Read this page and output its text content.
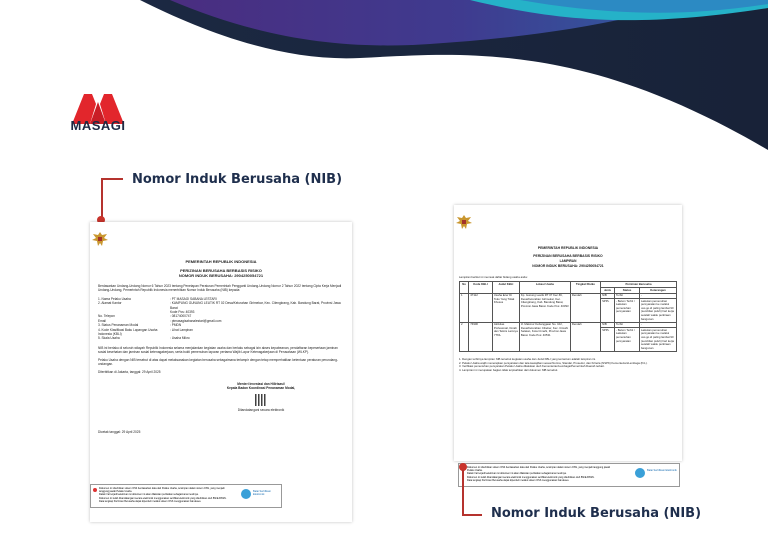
MASAGI
Nomor Induk Berusaha (NIB)
PEMERINTAH REPUBLIK INDONESIA
PERIZINAN BERUSAHA BERBASIS RISIKO
NOMOR INDUK BERUSAHA: 2904250054721
Berdasarkan Undang-Undang Nomor 6 Tahun 2023 tentang Penetapan Peraturan Pemerintah Pengganti Undang-Undang Nomor 2 Tahun 2022 tentang Cipta Kerja Menjadi Undang-Undang, Pemerintah Republik Indonesia menerbitkan Nomor Induk Berusaha (NIB) kepada:
1. Nama Pelaku Usaha	: PT MASAGI SABANA LESTARI
2. Alamat Kantor	: KAMPUNG GUNUNG LEUTIK RT 02 Desa/Kelurahan Girimekar, Kec. Cilengkrang, Kab. Bandung Barat, Provinsi Jawa Barat
Kode Pos: 40393
No. Telepon	: 08174000747
Email	: ptmasagisabanalestari@gmail.com
3. Status Penanaman Modal	: PMDN
4. Kode Klasifikasi Baku Lapangan Usaha Indonesia (KBLI)
: Lihat Lampiran
5. Skala Usaha	: Usaha Mikro
NIB ini berlaku di seluruh wilayah Republik Indonesia selama menjalankan kegiatan usaha dan berlaku sebagai izin akses kepabeanan, pendaftaran kepesertaan jaminan sosial kesehatan dan jaminan sosial ketenagakerjaan, serta bukti pemenuhan laporan pertama Wajib Lapor Ketenagakerjaan di Perusahaan (WLKP).
Pelaku Usaha dengan NIB tersebut di atas dapat melaksanakan kegiatan berusaha sebagaimana terlampir dengan tetap memperhatikan ketentuan peraturan perundang-undangan.
Diterbitkan di Jakarta, tanggal: 29 April 2025
Menteri Investasi dan Hilirisasi/
Kepala Badan Koordinasi Penanaman Modal,
Ditandatangani secara elektronik
Dicetak tanggal: 29 April 2025
Dokumen ini diterbitkan sistem OSS berdasarkan data dari Pelaku Usaha, tersimpan dalam sistem OSS, yang menjadi tanggung jawab Pelaku Usaha.
Dalam hal terjadi kekeliruan isi dokumen ini akan dilakukan perbaikan sebagaimana mestinya.
Dokumen ini telah ditandatangani secara elektronik menggunakan sertifikat elektronik yang diterbitkan oleh BSrE-BSSN.
Data lengkap Perizinan Berusaha dapat diperoleh melalui sistem OSS menggunakan hak akses.
Balai Sertifikasi Elektronik
PEMERINTAH REPUBLIK INDONESIA
PERIZINAN BERUSAHA BERBASIS RISIKO
LAMPIRAN
NOMOR INDUK BERUSAHA: 2904250054721
Lampiran berikut ini memuat daftar bidang usaha anda:
No	Kode KBLI	Judul KBLI	Lokasi Usaha	Tingkat Risiko	Perizinan Berusaha		
					Jenis	Status	Keterangan
1	47112	Usaha Ecer Di Toko Yang Tidak Khusus	Kp. Gunung Leutik RT 07 Kec.66, Desa/Kelurahan Girimekar, Kec. Cilengkrang, Kab. Bandung Barat, Provinsi Jawa Barat. Kode Pos: 40393	Rendah	NIB	Terbit	-
					SPPL	- Belum Terbit / Lakukan pemenuhan persyaratan	Lakukan pemenuhan persyaratan ke melalui oss.go.id paling lambat 90 (sembilan puluh) hari kerja setelah waktu perkiraan bangunan
2	74900	Aktivitas Profesional, Ilmiah dan Teknis Lainnya YTDL	Jl. Makmur Kebanggaan No. 102, Desa/Kelurahan Cibeber, Kec. Cimahi Selatan, Kota Cimahi, Provinsi Jawa Barat. Kode Pos: 40531	Rendah	NIB	Terbit	-
					SPPL	- Belum Terbit / Lakukan pemenuhan persyaratan	Lakukan pemenuhan persyaratan ke melalui oss.go.id paling lambat 90 (sembilan puluh) hari kerja setelah waktu perkiraan bangunan
1. Dengan terbitnya lampiran NIB tersebut kegiatan usaha dan Judul KBLI yang tercantum adalah lampiran ini.
2. Pelaku Usaha wajib menerapkan persyaratan dan tata kewajiban sesuai Norma, Standar, Prosedur, dan Kriteria (NSPK) Kementerian/Lembaga (K/L).
3. Verifikasi pemenuhan persyaratan Pelaku Usaha dilakukan oleh Kementerian/Lembaga/Pemerintah Daerah terkait.
4. Lampiran ini merupakan bagian tidak terpisahkan dari dokumen NIB tersebut.
Dokumen ini diterbitkan sistem OSS berdasarkan data dari Pelaku Usaha, tersimpan dalam sistem OSS, yang menjadi tanggung jawab Pelaku Usaha.
Dalam hal terjadi kekeliruan isi dokumen ini akan dilakukan perbaikan sebagaimana mestinya.
Dokumen ini telah ditandatangani secara elektronik menggunakan sertifikat elektronik yang diterbitkan oleh BSrE-BSSN.
Data lengkap Perizinan Berusaha dapat diperoleh melalui sistem OSS menggunakan hak akses.
Balai Sertifikasi Elektronik
Nomor Induk Berusaha (NIB)
